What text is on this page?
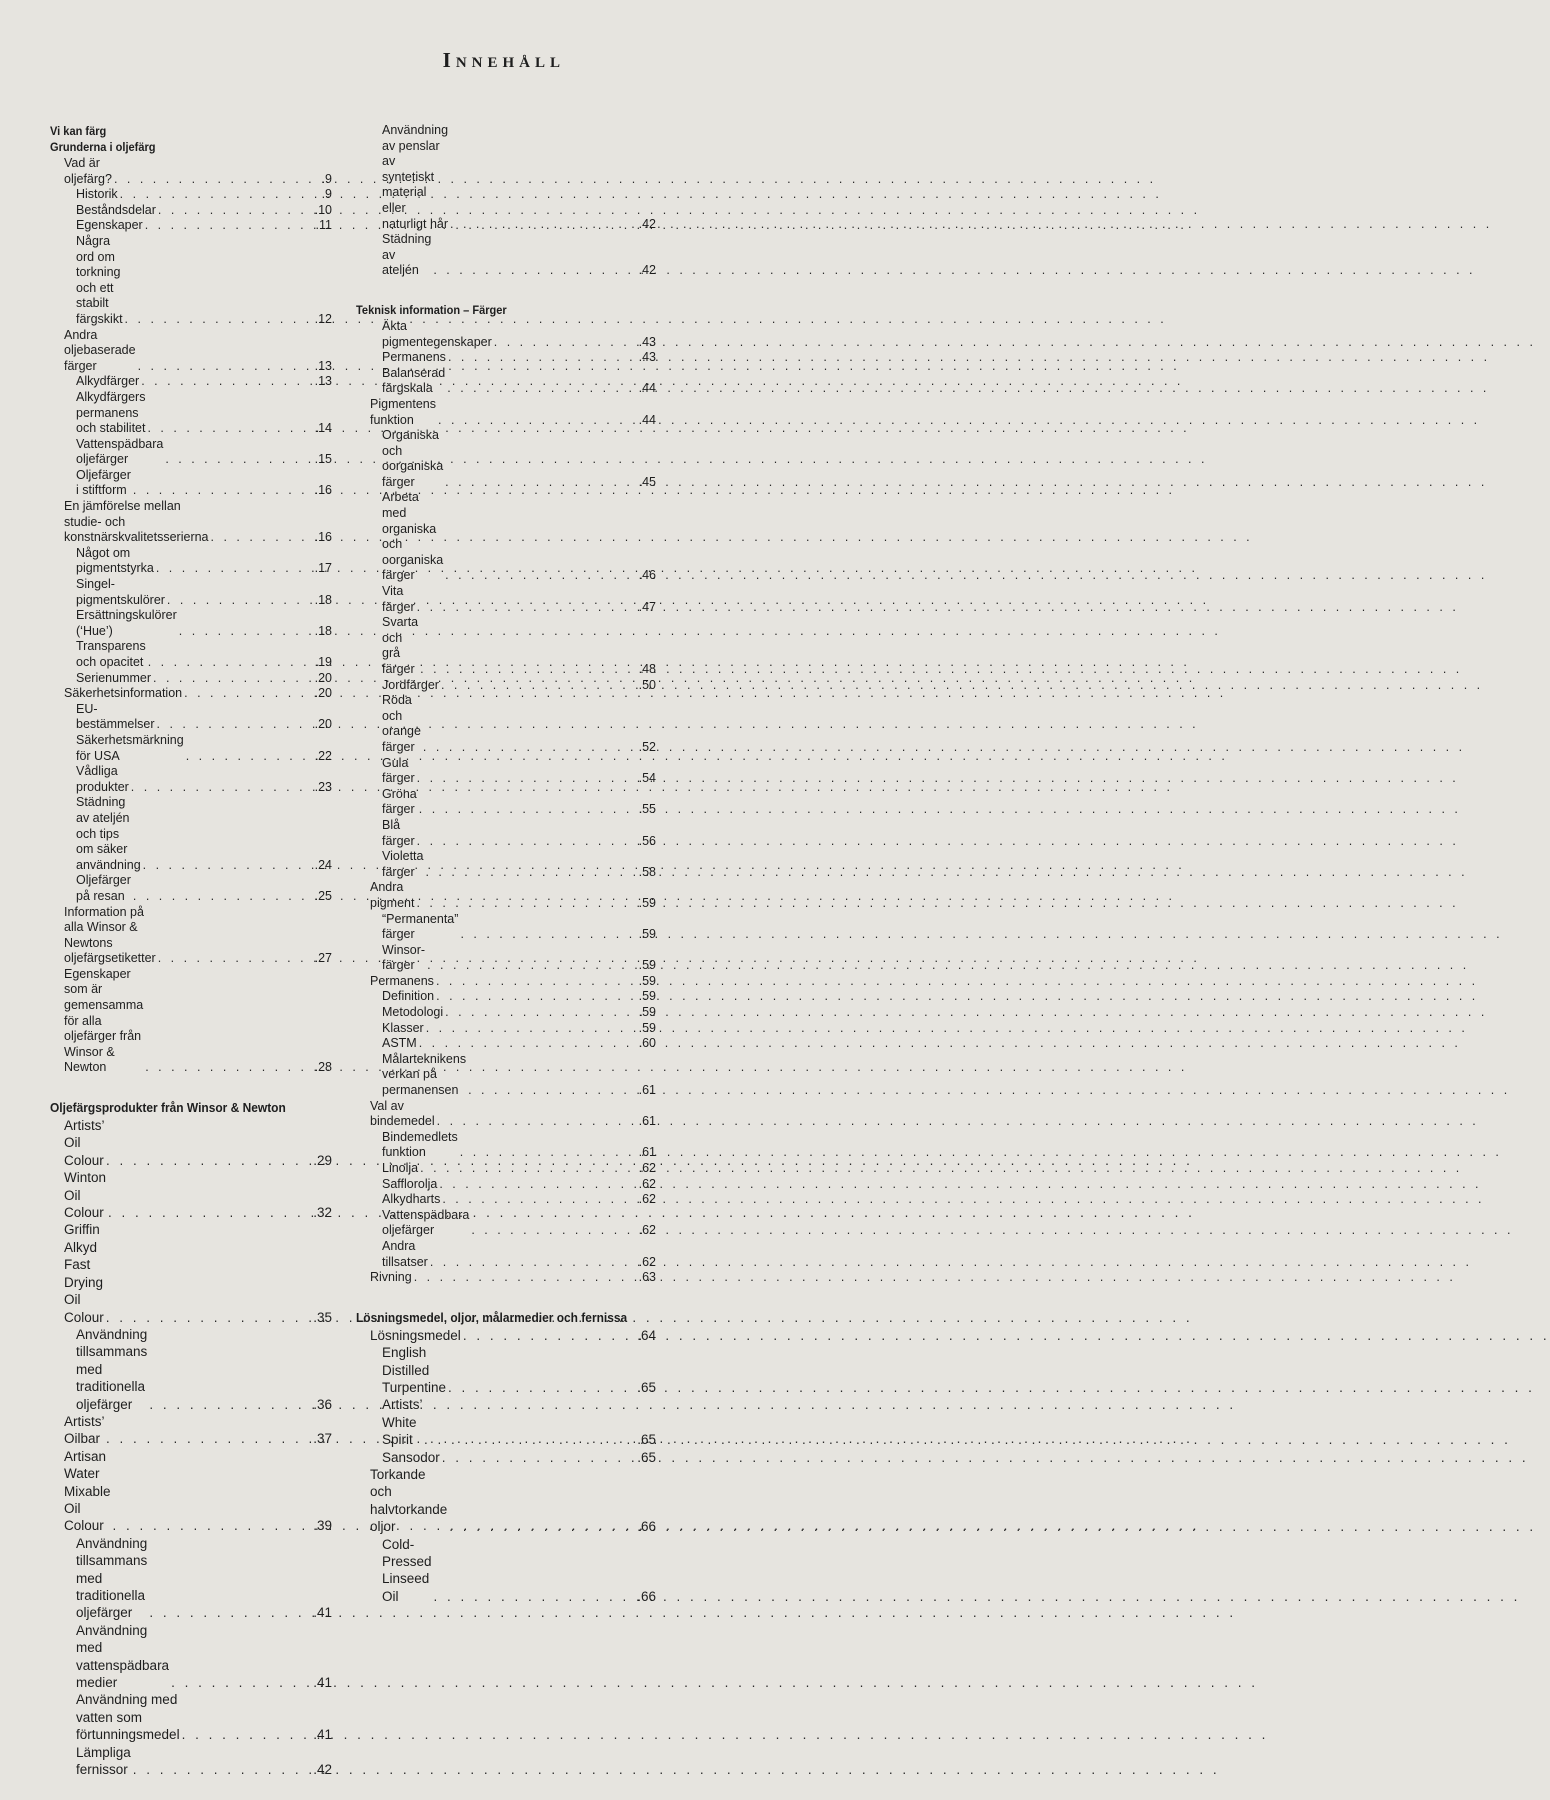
Innehåll
Vi kan färg
Grunderna i oljefärg
Vad är oljefärg? . . .	.9
Historik . . .	.9
Beståndsdelar . . .	.10
Egenskaper . . .	.11
Några ord om torkning
och ett stabilt färgskikt . . .	.12
Andra oljebaserade färger . . .	.13
Alkydfärger . . .	.13
Alkydfärgers permanens och stabilitet . . .	.14
Vattenspädbara oljefärger . . .	.15
Oljefärger i stiftform . . .	.16
En jämförelse mellan studie- och
konstnärskvalitetsserierna . . .	.16
Något om pigmentstyrka . . .	.17
Singel-pigmentskulörer . . .	.18
Ersättningskulörer (‘Hue’) . . .	.18
Transparens och opacitet . . .	.19
Serienummer . . .	.20
Säkerhetsinformation . . .	.20
EU-bestämmelser . . .	.20
Säkerhetsmärkning för USA . . .	.22
Vådliga produkter . . .	.23
Städning av ateljén och tips
om säker användning . . .	.24
Oljefärger på resan . . .	.25
Information på alla Winsor & Newtons
oljefärgsetiketter . . .	.27
Egenskaper som är gemensamma
för alla oljefärger från Winsor & Newton . . .	.28
Oljefärgsprodukter från Winsor & Newton
Artists’ Oil Colour . . .	.29
Winton Oil Colour . . .	.32
Griffin Alkyd Fast Drying Oil Colour . . .	.35
Användning tillsammans med
traditionella oljefärger . . .	.36
Artists’ Oilbar . . .	.37
Artisan Water Mixable Oil Colour . . .	.39
Användning tillsammans
med traditionella oljefärger . . .	.41
Användning med vattenspädbara medier . . .	.41
Användning med vatten som förtunningsmedel . . .	.41
Lämpliga fernissor . . .	.42
Användning av penslar av
syntetiskt material eller naturligt hår . . .	.42
Städning av ateljén . . .	.42
Teknisk information – Färger
Äkta pigmentegenskaper . . .	.43
Permanens . . .	.43
Balanserad färgskala . . .	.44
Pigmentens funktion . . .	.44
Organiska och oorganiska färger . . .	.45
Arbeta med organiska och oorganiska färger . . .	.46
Vita färger . . .	.47
Svarta och grå färger . . .	.48
Jordfärger . . .	.50
Röda och orange färger . . .	.52
Gula färger . . .	.54
Gröna färger . . .	.55
Blå färger . . .	.56
Violetta färger . . .	.58
Andra pigment . . .	.59
“Permanenta” färger . . .	.59
Winsor-färger . . .	.59
Permanens . . .	.59
Definition . . .	.59
Metodologi . . .	.59
Klasser . . .	.59
ASTM . . .	.60
Målarteknikens verkan på permanensen . . .	.61
Val av bindemedel . . .	.61
Bindemedlets funktion . . .	.61
Linolja . . .	.62
Safflorolja . . .	.62
Alkydharts . . .	.62
Vattenspädbara oljefärger . . .	.62
Andra tillsatser . . .	.62
Rivning . . .	.63
Lösningsmedel, oljor, målarmedier och fernissa
Lösningsmedel . . .	.64
English Distilled Turpentine . . .	.65
Artists’ White Spirit . . .	.65
Sansodor . . .	.65
Torkande och halvtorkande oljor . . .	.66
Cold-Pressed Linseed Oil . . .	.66
